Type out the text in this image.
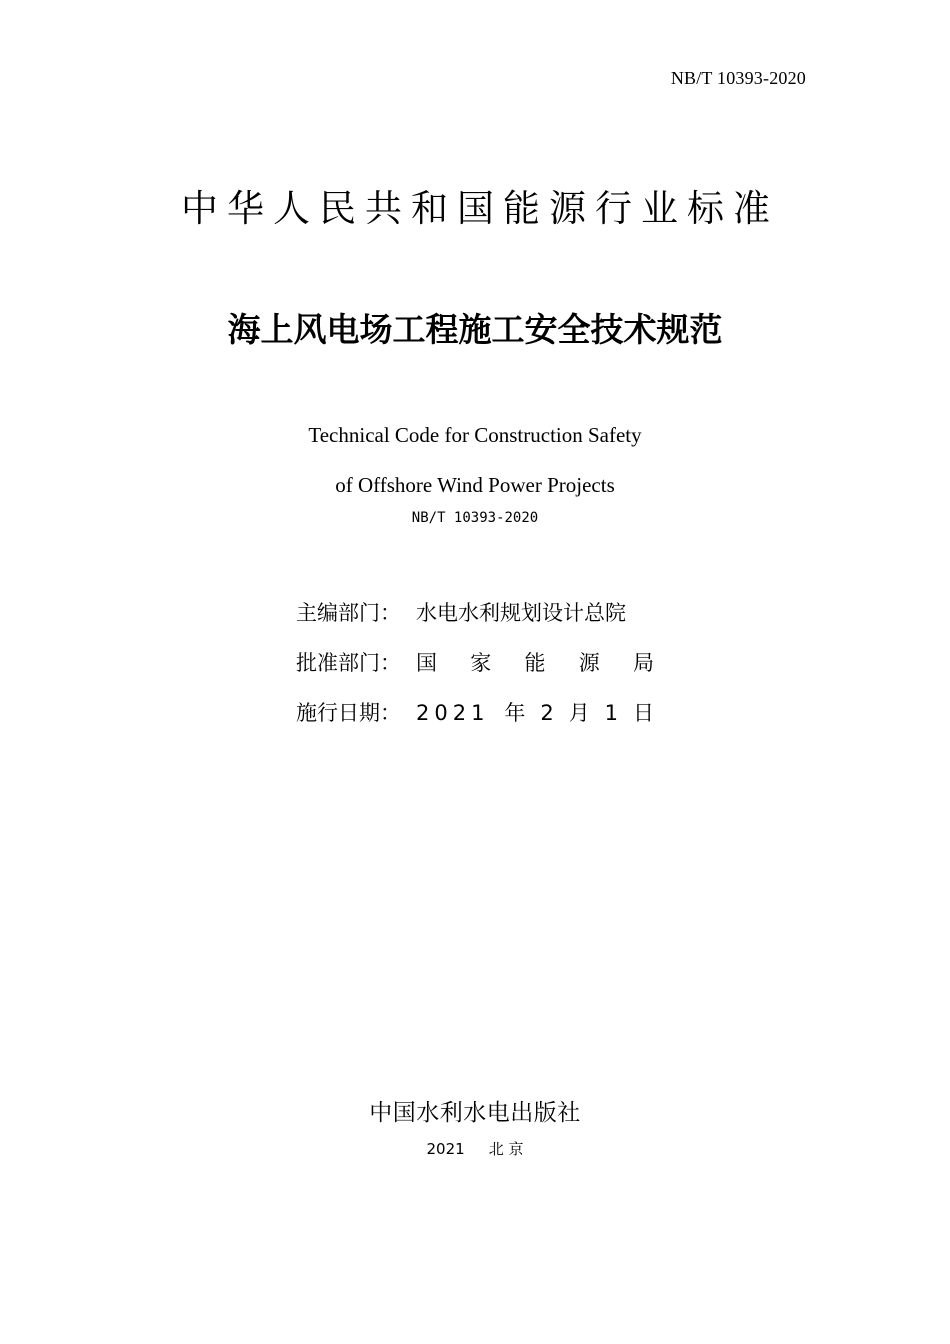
NB/T 10393-2020
中华人民共和国能源行业标准
海上风电场工程施工安全技术规范
Technical Code for Construction Safety
of Offshore Wind Power Projects
NB/T 10393-2020
主编部门： 水电水利规划设计总院
批准部门： 国 家 能 源 局
施行日期： 2021 年 2 月 1 日
中国水利水电出版社
2021 北 京
